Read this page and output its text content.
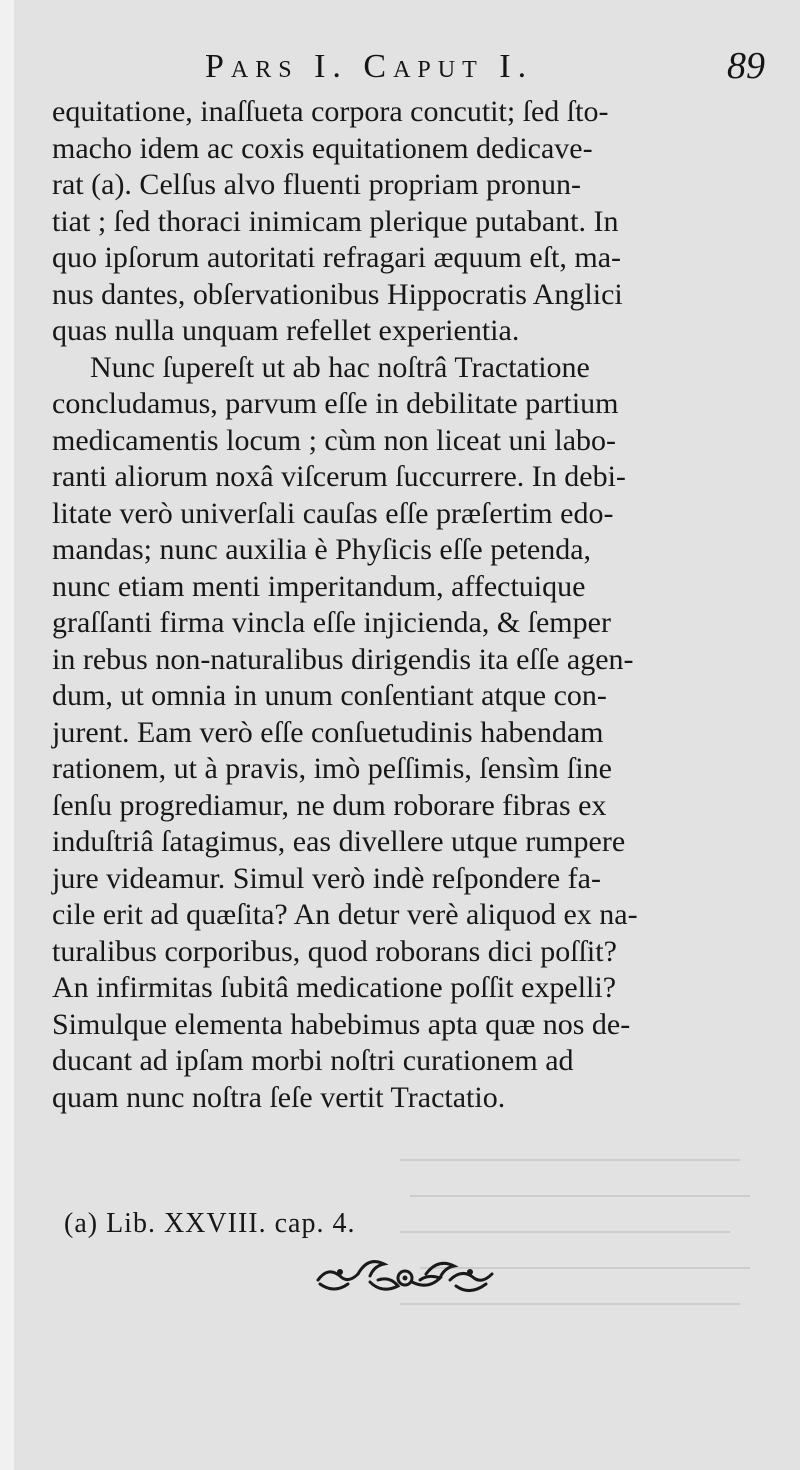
Pars I. Caput I.	89
equitatione, inaſſueta corpora concutit; ſed ſto-
macho idem ac coxis equitationem dedicave-
rat (a). Celſus alvo fluenti propriam pronun-
tiat ; ſed thoraci inimicam plerique putabant. In
quo ipſorum autoritati refragari æquum eſt, ma-
nus dantes, obſervationibus Hippocratis Anglici
quas nulla unquam refellet experientia.
Nunc ſupereſt ut ab hac noſtrâ Tractatione
concludamus, parvum eſſe in debilitate partium
medicamentis locum ; cùm non liceat uni labo-
ranti aliorum noxâ viſcerum ſuccurrere. In debi-
litate verò univerſali cauſas eſſe præſertim edo-
mandas; nunc auxilia è Phyſicis eſſe petenda,
nunc etiam menti imperitandum, affectuique
graſſanti firma vincla eſſe injicienda, & ſemper
in rebus non-naturalibus dirigendis ita eſſe agen-
dum, ut omnia in unum conſentiant atque con-
jurent. Eam verò eſſe conſuetudinis habendam
rationem, ut à pravis, imò peſſimis, ſensìm ſine
ſenſu progrediamur, ne dum roborare fibras ex
induſtriâ ſatagimus, eas divellere utque rumpere
jure videamur. Simul verò indè reſpondere fa-
cile erit ad quæſita? An detur verè aliquod ex na-
turalibus corporibus, quod roborans dici poſſit?
An infirmitas ſubitâ medicatione poſſit expelli?
Simulque elementa habebimus apta quæ nos de-
ducant ad ipſam morbi noſtri curationem ad
quam nunc noſtra ſeſe vertit Tractatio.
(a) Lib. XXVIII. cap. 4.
